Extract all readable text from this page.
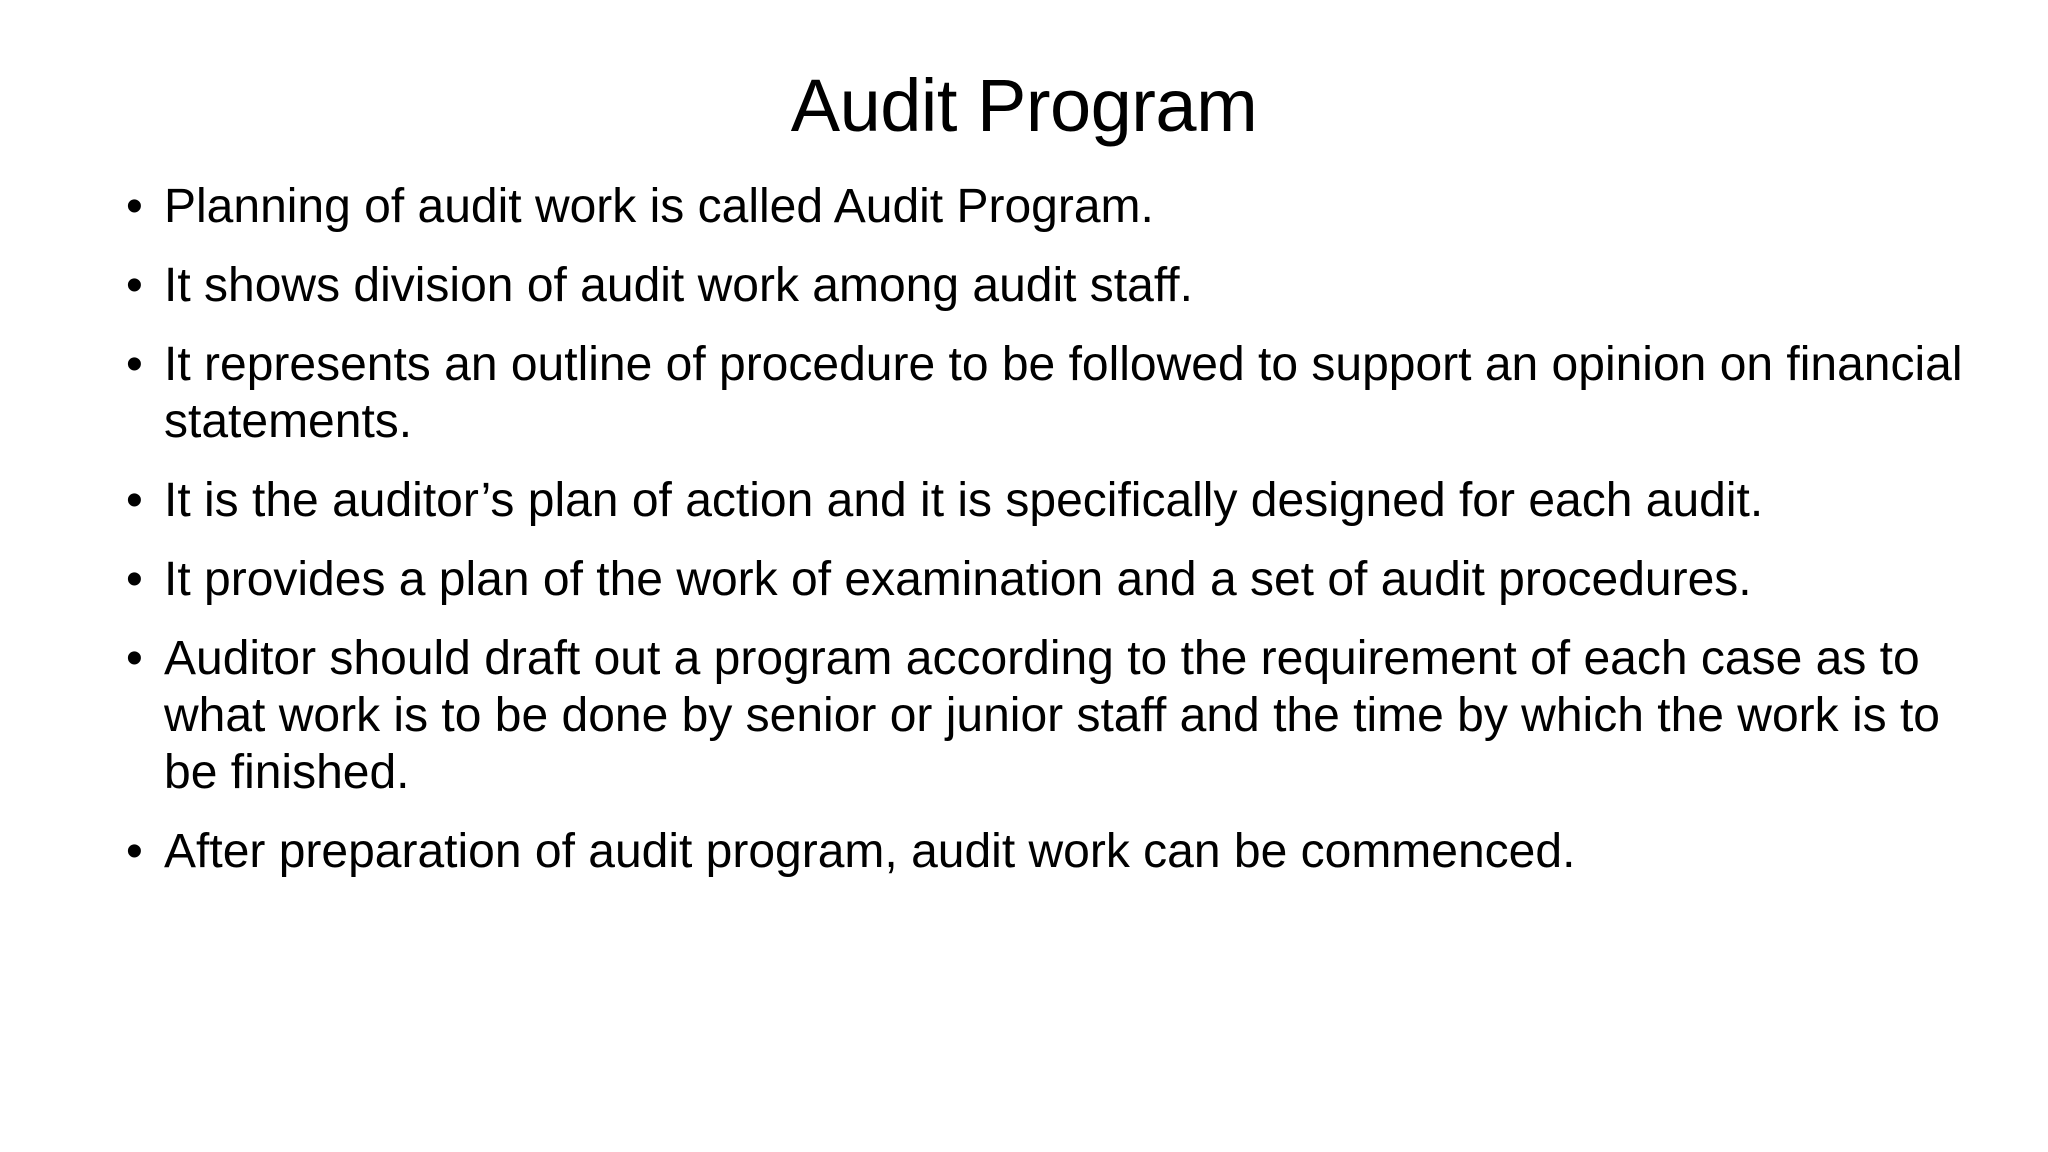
Audit Program
• Planning of audit work is called Audit Program.
• It shows division of audit work among audit staff.
• It represents an outline of procedure to be followed to support an opinion on financial statements.
• It is the auditor’s plan of action and it is specifically designed for each audit.
• It provides a plan of the work of examination and a set of audit procedures.
• Auditor should draft out a program according to the requirement of each case as to what work is to be done by senior or junior staff and the time by which the work is to be finished.
• After preparation of audit program, audit work can be commenced.
